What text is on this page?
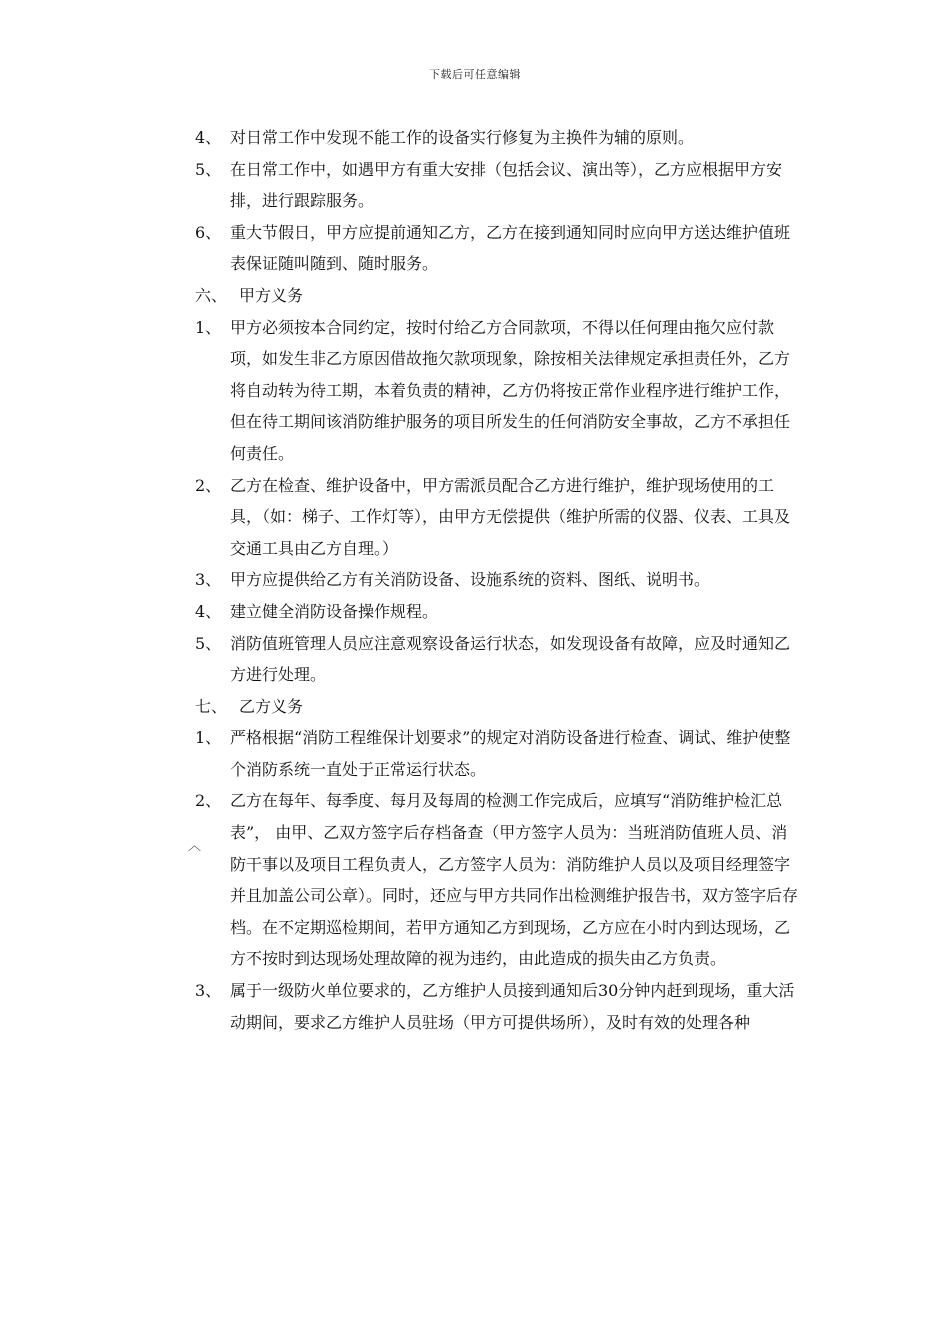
下载后可任意编辑
4、 对日常工作中发现不能工作的设备实行修复为主换件为辅的原则。
5、 在日常工作中，如遇甲方有重大安排（包括会议、演出等），乙方应根据甲方安排，进行跟踪服务。
6、 重大节假日，甲方应提前通知乙方，乙方在接到通知同时应向甲方送达维护值班表保证随叫随到、随时服务。
六、 甲方义务
1、 甲方必须按本合同约定，按时付给乙方合同款项，不得以任何理由拖欠应付款项，如发生非乙方原因借故拖欠款项现象，除按相关法律规定承担责任外，乙方将自动转为待工期，本着负责的精神，乙方仍将按正常作业程序进行维护工作，但在待工期间该消防维护服务的项目所发生的任何消防安全事故，乙方不承担任何责任。
2、 乙方在检查、维护设备中，甲方需派员配合乙方进行维护，维护现场使用的工具，（如：梯子、工作灯等），由甲方无偿提供（维护所需的仪器、仪表、工具及交通工具由乙方自理。）
3、 甲方应提供给乙方有关消防设备、设施系统的资料、图纸、说明书。
4、 建立健全消防设备操作规程。
5、 消防值班管理人员应注意观察设备运行状态，如发现设备有故障，应及时通知乙方进行处理。
七、 乙方义务
1、 严格根据“消防工程维保计划要求”的规定对消防设备进行检查、调试、维护使整个消防系统一直处于正常运行状态。
2、 乙方在每年、每季度、每月及每周的检测工作完成后，应填写“消防维护检汇总表”， 由甲、乙双方签字后存档备查（甲方签字人员为：当班消防值班人员、消防干事以及项目工程负责人，乙方签字人员为：消防维护人员以及项目经理签字并且加盖公司公章）。同时，还应与甲方共同作出检测维护报告书，双方签字后存档。在不定期巡检期间，若甲方通知乙方到现场，乙方应在小时内到达现场，乙方不按时到达现场处理故障的视为违约，由此造成的损失由乙方负责。
3、 属于一级防火单位要求的，乙方维护人员接到通知后30分钟内赶到现场，重大活动期间，要求乙方维护人员驻场（甲方可提供场所），及时有效的处理各种
︿
